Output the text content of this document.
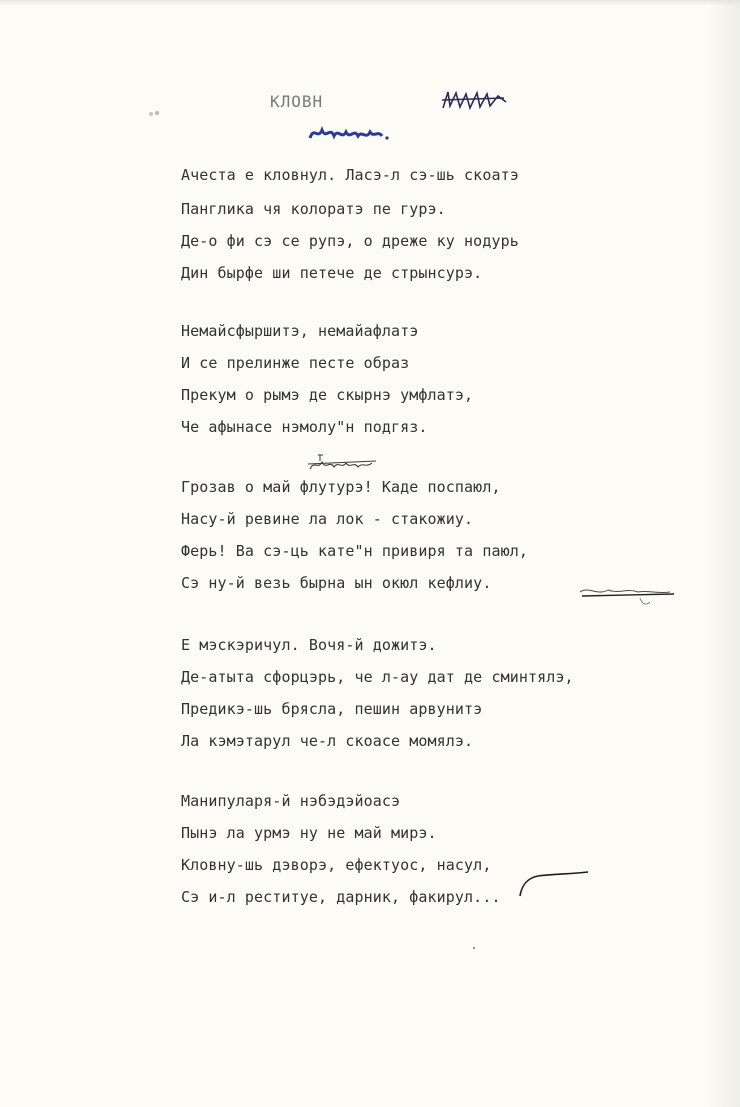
КЛОВН
Ачеста е кловнул. Ласэ-л сэ-шь скоатэ
Панглика чя колоратэ пе гурэ.
Де-о фи сэ се рупэ, о дреже ку нодурь
Дин бырфе ши петече де стрынсурэ.
Немайсфыршитэ, немайафлатэ
И се прелинже песте образ
Прекум о рымэ де скырнэ умфлатэ,
Че афынасе нэмолу"н подгяз.
Грозав о май флутурэ! Каде поспаюл,
Насу-й ревине ла лок - стакожиу.
Ферь! Ва сэ-ць кате"н привиря та паюл,
Сэ ну-й везь бырна ын окюл кефлиу.
Е мэскэричул. Вочя-й дожитэ.
Де-атыта сфорцэрь, че л-ау дат де сминтялэ,
Предикэ-шь брясла, пешин арвунитэ
Ла кэмэтарул че-л скоасе момялэ.
Манипуларя-й нэбэдэйоасэ
Пынэ ла урмэ ну не май мирэ.
Кловну-шь дэворэ, ефектуос, насул,
Сэ и-л реституе, дарник, факирул...
